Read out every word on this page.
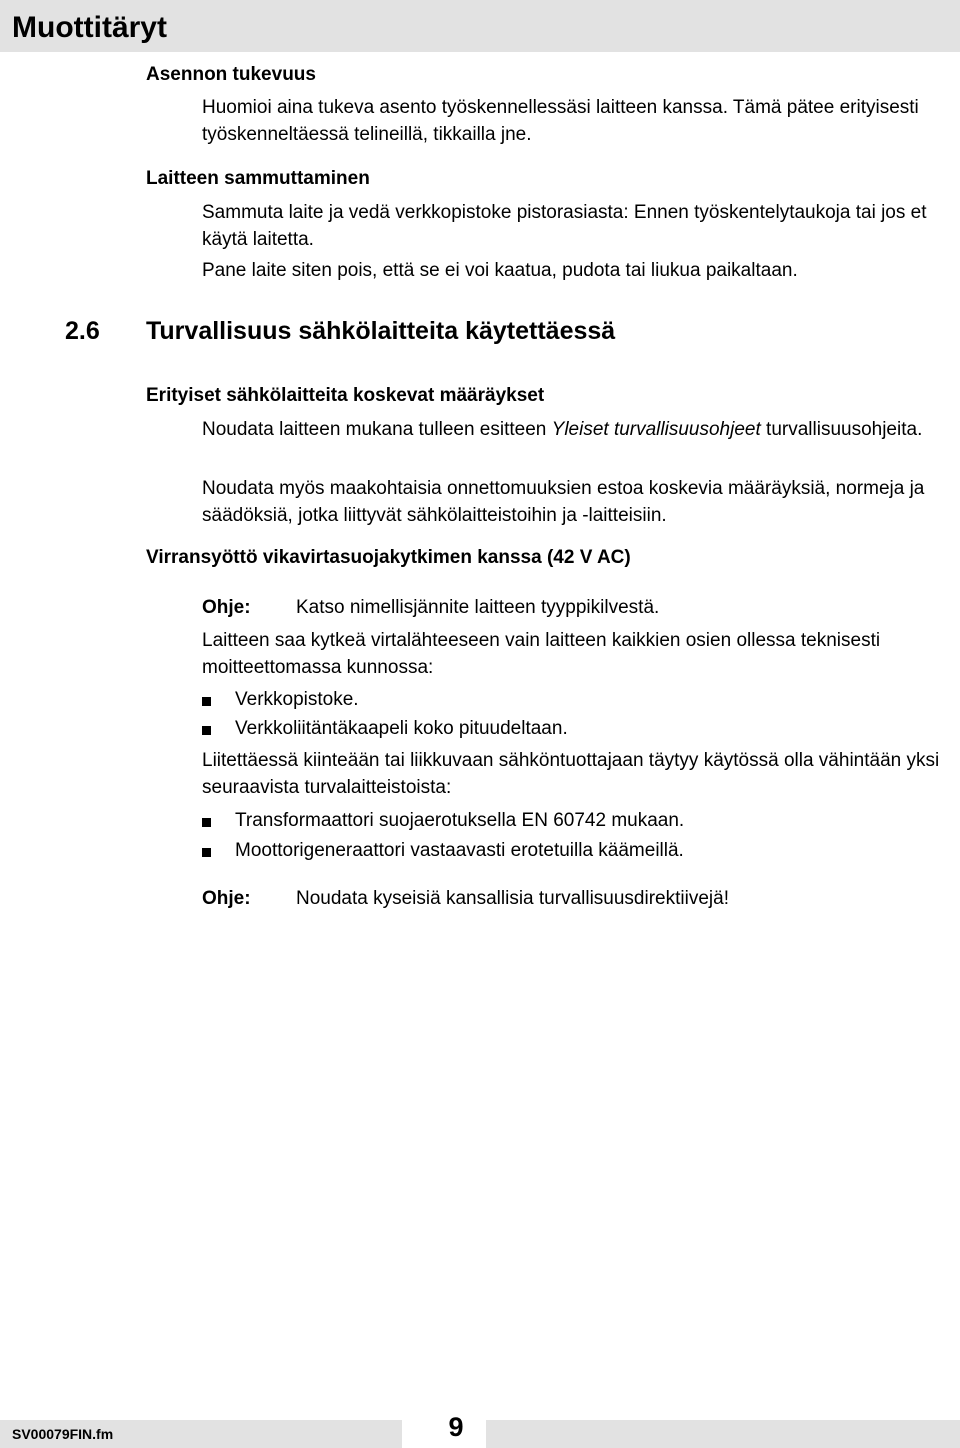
Muottitäryt
Asennon tukevuus
Huomioi aina tukeva asento työskennellessäsi laitteen kanssa. Tämä pätee erityisesti työskenneltäessä telineillä, tikkailla jne.
Laitteen sammuttaminen
Sammuta laite ja vedä verkkopistoke pistorasiasta: Ennen työskentelytaukoja tai jos et käytä laitetta.
Pane laite siten pois, että se ei voi kaatua, pudota tai liukua paikaltaan.
2.6 Turvallisuus sähkölaitteita käytettäessä
Erityiset sähkölaitteita koskevat määräykset
Noudata laitteen mukana tulleen esitteen Yleiset turvallisuusohjeet turvallisuusohjeita.
Noudata myös maakohtaisia onnettomuuksien estoa koskevia määräyksiä, normeja ja säädöksiä, jotka liittyvät sähkölaitteistoihin ja -laitteisiin.
Virransyöttö vikavirtasuojakytkimen kanssa (42 V AC)
Ohje: Katso nimellisjännite laitteen tyyppikilvestä.
Laitteen saa kytkeä virtalähteeseen vain laitteen kaikkien osien ollessa teknisesti moitteettomassa kunnossa:
Verkkopistoke.
Verkkoliitäntäkaapeli koko pituudeltaan.
Liitettäessä kiinteään tai liikkuvaan sähköntuottajaan täytyy käytössä olla vähintään yksi seuraavista turvalaitteistoista:
Transformaattori suojaerotuksella EN 60742 mukaan.
Moottorigeneraattori vastaavasti erotetuilla käämeillä.
Ohje: Noudata kyseisiä kansallisia turvallisuusdirektiivejä!
SV00079FIN.fm	9
